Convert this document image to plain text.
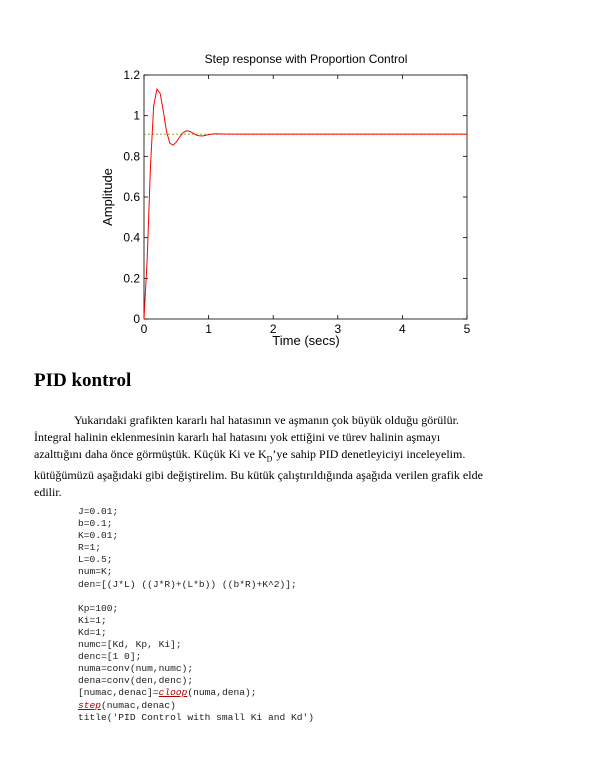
Step response with Proportion Control
0	1	2	3	4	5
0
0.2
0.4
0.6
0.8
1
1.2
Time (secs)
Amplitude
PID kontrol
Yukarıdaki grafikten kararlı hal hatasının ve aşmanın çok büyük olduğu görülür.
İntegral halinin eklenmesinin kararlı hal hatasını yok ettiğini ve türev halinin aşmayı
azalttığını daha önce görmüştük. Küçük Ki ve $K_D’ye$ sahip PID denetleyiciyi inceleyelim.
kütüğümüzü aşağıdaki gibi değiştirelim. Bu kütük çalıştırıldığında aşağıda verilen grafik elde
edilir.
J=0.01;
b=0.1;
K=0.01;
R=1;
L=0.5;
num=K;
den=[(J*L) ((J*R)+(L*b)) ((b*R)+K^2)];
Kp=100;
Ki=1;
Kd=1;
numc=[Kd, Kp, Ki];
denc=[1 0];
numa=conv(num,numc);
dena=conv(den,denc);
[numac,denac]=cloop(numa,dena);
step(numac,denac)
title('PID Control with small Ki and Kd')
